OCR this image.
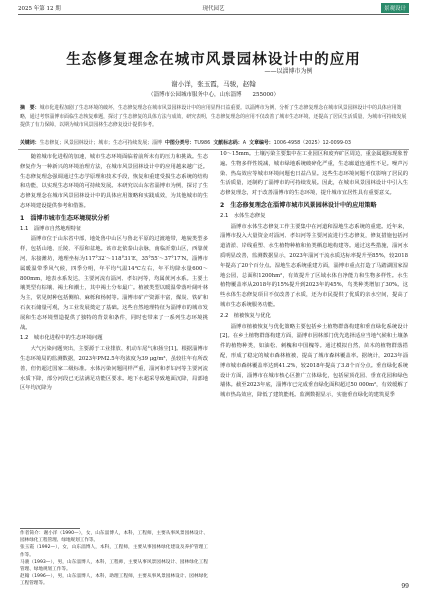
2025 年第 12 期	现代园艺	景观设计
生态修复理念在城市风景园林设计中的应用
——以淄博市为例
谢小洋，张玉霞，马骏，赵翰
（淄博市公园城市服务中心，山东淄博　　255000）
摘　要：城市化进程加剧了生态环境的破坏，生态修复理念在城市风景园林设计中的应用显得日益重要。以淄博市为例，分析了生态修复理念在城市风景园林设计中的具体应用策略，通过考察淄博市面临生态恢复难题，探讨了生态修复的具体方法与成效，研究表明，生态修复理念的应用不仅改善了城市生态环境，还提高了居民生活质量，为城市可持续发展提供了有力保障，以期为城市风景园林生态修复设计提供参考。
关键词：生态修复；风景园林设计；城市；生态可持续发展；淄博 中图分类号：TU986 文献标志码：A 文章编号：1006-4958（2025）12-0099-03

随着城市化进程的加速，城市生态环境面临着前所未有的压力和挑战。生态修复作为一种新兴的环境治理方法，在城市风景园林设计中的应用越来越广泛。生态修复理念强调通过生态学原理和技术手段，恢复和重建受损生态系统的结构和功能，以实现生态环境的可持续发展。本研究以山东省淄博市为例，探讨了生态修复理念在城市风景园林设计中的具体应用策略和实践成效，为其他城市的生态环境建设提供参考和借鉴。

1　淄博市城市生态环境现状分析
1.1　淄博市自然地理特征

淄博市位于山东省中部，地处鲁中山区与鲁北平原的过渡地带，地貌类型多样，包括山地、丘陵、平原和盆地。该市北依泰山余脉，南临沂蒙山区，西靠黄河，东接潍坊，地理坐标为117°32′～118°31′E，35°55′～37°17′N。淄博市属暖温带季风气候，四季分明，年平均气温14℃左右，年平均降水量600～800mm，地表水系发达，主要河流有淄河、孝妇河等，均属黄河水系。主要土壤类型有棕壤、褐土和潮土，其中褐土分布最广。植被类型以暖温带落叶阔叶林为主，常见树种包括侧柏、麻栎和杨树等。淄博市矿产资源丰富，煤炭、铁矿和石灰石储量可观，为工业发展奠定了基础。这些自然地理特征为淄博市的城市发展和生态环境塑造提供了独特的背景和条件，同时也带来了一系列生态环境挑战。

1.2　城市化进程中的生态环境问题

大气污染问题突出，主要源于工业排放、机动车尾气和扬尘[1]。根据淄博市生态环境局的监测数据，2023年PM2.5年均浓度为39 μg/m³，虽较往年有所改善，但仍超过国家二级标准。水体污染问题同样严重，淄河和孝妇河等主要河流水质下降，部分河段已无法满足功能区要求。地下水超采导致地面沉降，局部地区年均沉降为

作者简介：谢小洋（1990—），女，山东淄博人，本科，工程师，主要从事风景园林设计、园林绿化工程管理、绿地规划工作等。

张玉霞（1992—），女，山东淄博人，本科，工程师，主要从事园林绿化建设及养护管理工作等。

马骏（1993—），男，山东淄博人，本科，工程师，主要从事风景园林设计、园林绿化工程管理、绿地规划工作等。

赵翰（1996—），男，山东淄博人，本科，助理工程师，主要从事风景园林设计、园林绿化工程管理等。

10～15mm。土壤污染主要集中在工业园区和废弃矿区周边，重金属超标现象普遍。生物多样性锐减，城市绿地系统破碎化严重，生态廊道连通性不足。噪声污染、热岛效应等城市环境问题也日益凸显。这些生态环境问题不仅影响了居民的生活质量，还制约了淄博市的可持续发展。因此，在城市风景园林设计中引入生态修复理念，对于改善淄博市的生态环境，提升城市宜居性具有重要意义。

2　生态修复理念在淄博市城市风景园林设计中的应用策略
2.1　水体生态修复

淄博市水体生态修复工作主要集中在河道和湿地生态系统的重建。近年来，淄博市投入大量资金对淄河、孝妇河等主要河流进行生态修复，修复措施包括河道清淤、岸线重塑、水生植物种植和鱼类栖息地构建等。通过这些措施，淄河水质明显改善，监测数据显示，2023年淄河干流水质达标率提升至85%，较2018年提高了20个百分点。湿地生态系统重建方面，淄博市重点打造了马踏湖国家湿地公园，总面积1200hm²，有效提升了区域水体自净能力和生物多样性。水生植物覆盖率从2018年的15%提升到2023年的45%，鸟类种类增加了30%。这些水体生态修复项目不仅改善了水质，还为市民提供了优质的亲水空间，提高了城市生态系统服务功能。

2.2　植被恢复与优化

淄博市植被恢复与优化策略主要包括乡土植物群落构建和垂直绿化系统设计[2]。在乡土植物群落构建方面，淄博市因林部门优先选择适应当地气候和土壤条件的植物种类，如油松、刺槐和中国槐等。通过模拟自然，苗木的植物群落搭配，形成了稳定的城市森林植被，提高了城市森林覆盖率。据统计，2023年淄博市城市森林覆盖率达到41.2%，较2018年提高了3.8个百分点。垂直绿化系统设计方面，淄博市在城市核心区推广立体绿化，包括屋顶花园、垂直花园和绿色墙体。截至2023年底，淄博市已完成垂直绿化面积超过50 000m²，有效缓解了城市热岛效应，降低了建筑能耗。监测数据显示，实施垂直绿化的建筑夏季

99
